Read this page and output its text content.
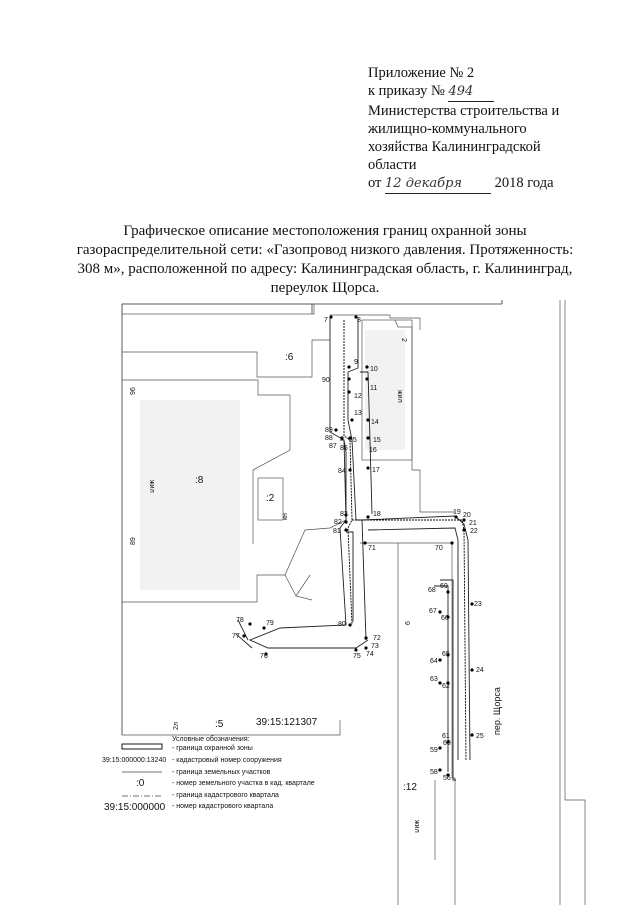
Приложение № 2
к приказу № 494
Министерства строительства и
жилищно-коммунального
хозяйства Калининградской
области
от 12 декабря 2018 года
Графическое описание местоположения границ охранной зоны
газораспределительной сети: «Газопровод низкого давления. Протяженность:
308 м», расположенной по адресу: Калининградская область, г. Калининград,
переулок Щорса.
7	8
9
10
11
12
13
14
15
16
17
18	19 20
21
22
23
24
25
56
58
59
60
61
62
63
64
65
66
67
68
69
70
71
72
73
74
75
76
77
78	79	80
81
82
83
84
85
86
87
88
89
90
:6
:8
:2
:5
:12
39:15:121307
96
89
2
жил
жил
кн
2л
6
жил
пер. Щорса
Условные обозначения:
- граница охранной зоны
39:15:000000:13240 - кадастровый номер сооружения
- граница земельных участков
:0	- номер земельного участка в кад. квартале
- граница кадастрового квартала
39:15:000000 - номер кадастрового квартала
